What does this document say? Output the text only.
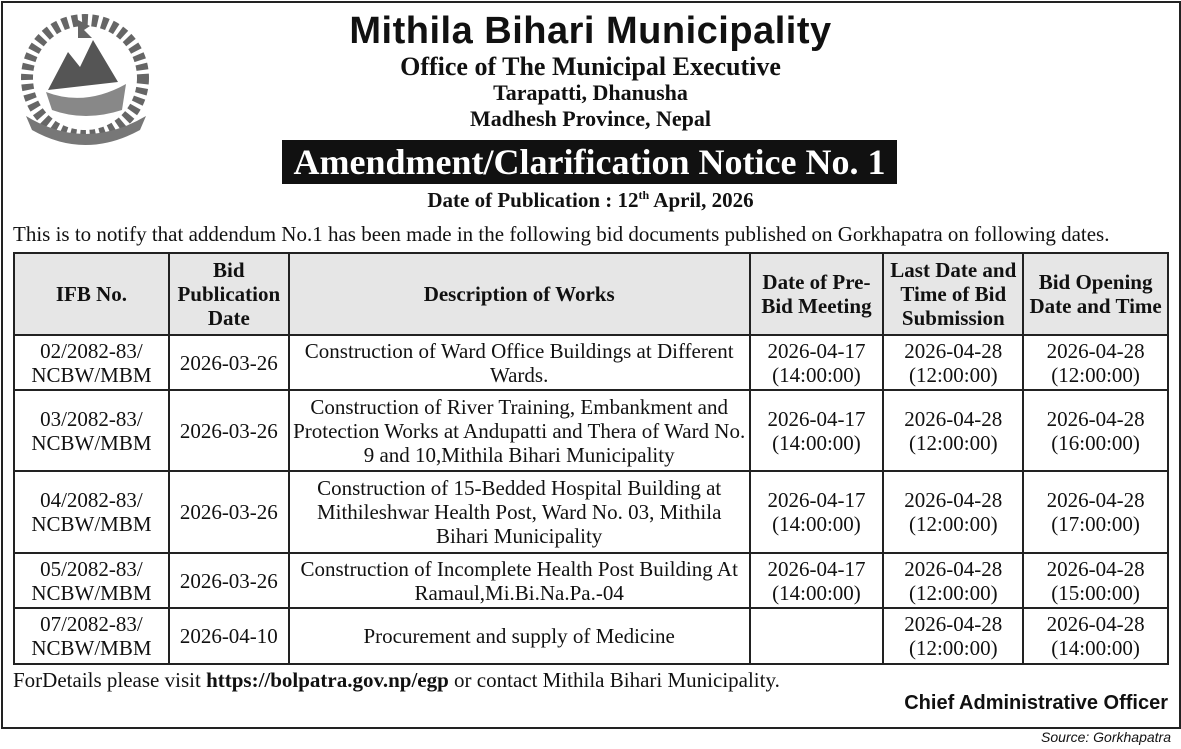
Mithila Bihari Municipality
Office of The Municipal Executive
Tarapatti, Dhanusha
Madhesh Province, Nepal
Amendment/Clarification Notice No. 1
Date of Publication : 12th April, 2026
This is to notify that addendum No.1 has been made in the following bid documents published on Gorkhapatra on following dates.
IFB No.	Bid Publication Date	Description of Works	Date of Pre-Bid Meeting	Last Date and Time of Bid Submission	Bid Opening Date and Time
02/2082-83/ NCBW/MBM	2026-03-26	Construction of Ward Office Buildings at Different Wards.	2026-04-17 (14:00:00)	2026-04-28 (12:00:00)	2026-04-28 (12:00:00)
03/2082-83/ NCBW/MBM	2026-03-26	Construction of River Training, Embankment and Protection Works at Andupatti and Thera of Ward No. 9 and 10,Mithila Bihari Municipality	2026-04-17 (14:00:00)	2026-04-28 (12:00:00)	2026-04-28 (16:00:00)
04/2082-83/ NCBW/MBM	2026-03-26	Construction of 15-Bedded Hospital Building at Mithileshwar Health Post, Ward No. 03, Mithila Bihari Municipality	2026-04-17 (14:00:00)	2026-04-28 (12:00:00)	2026-04-28 (17:00:00)
05/2082-83/ NCBW/MBM	2026-03-26	Construction of Incomplete Health Post Building At Ramaul,Mi.Bi.Na.Pa.-04	2026-04-17 (14:00:00)	2026-04-28 (12:00:00)	2026-04-28 (15:00:00)
07/2082-83/ NCBW/MBM	2026-04-10	Procurement and supply of Medicine		2026-04-28 (12:00:00)	2026-04-28 (14:00:00)
ForDetails please visit https://bolpatra.gov.np/egp or contact Mithila Bihari Municipality.
Chief Administrative Officer
Source: Gorkhapatra
